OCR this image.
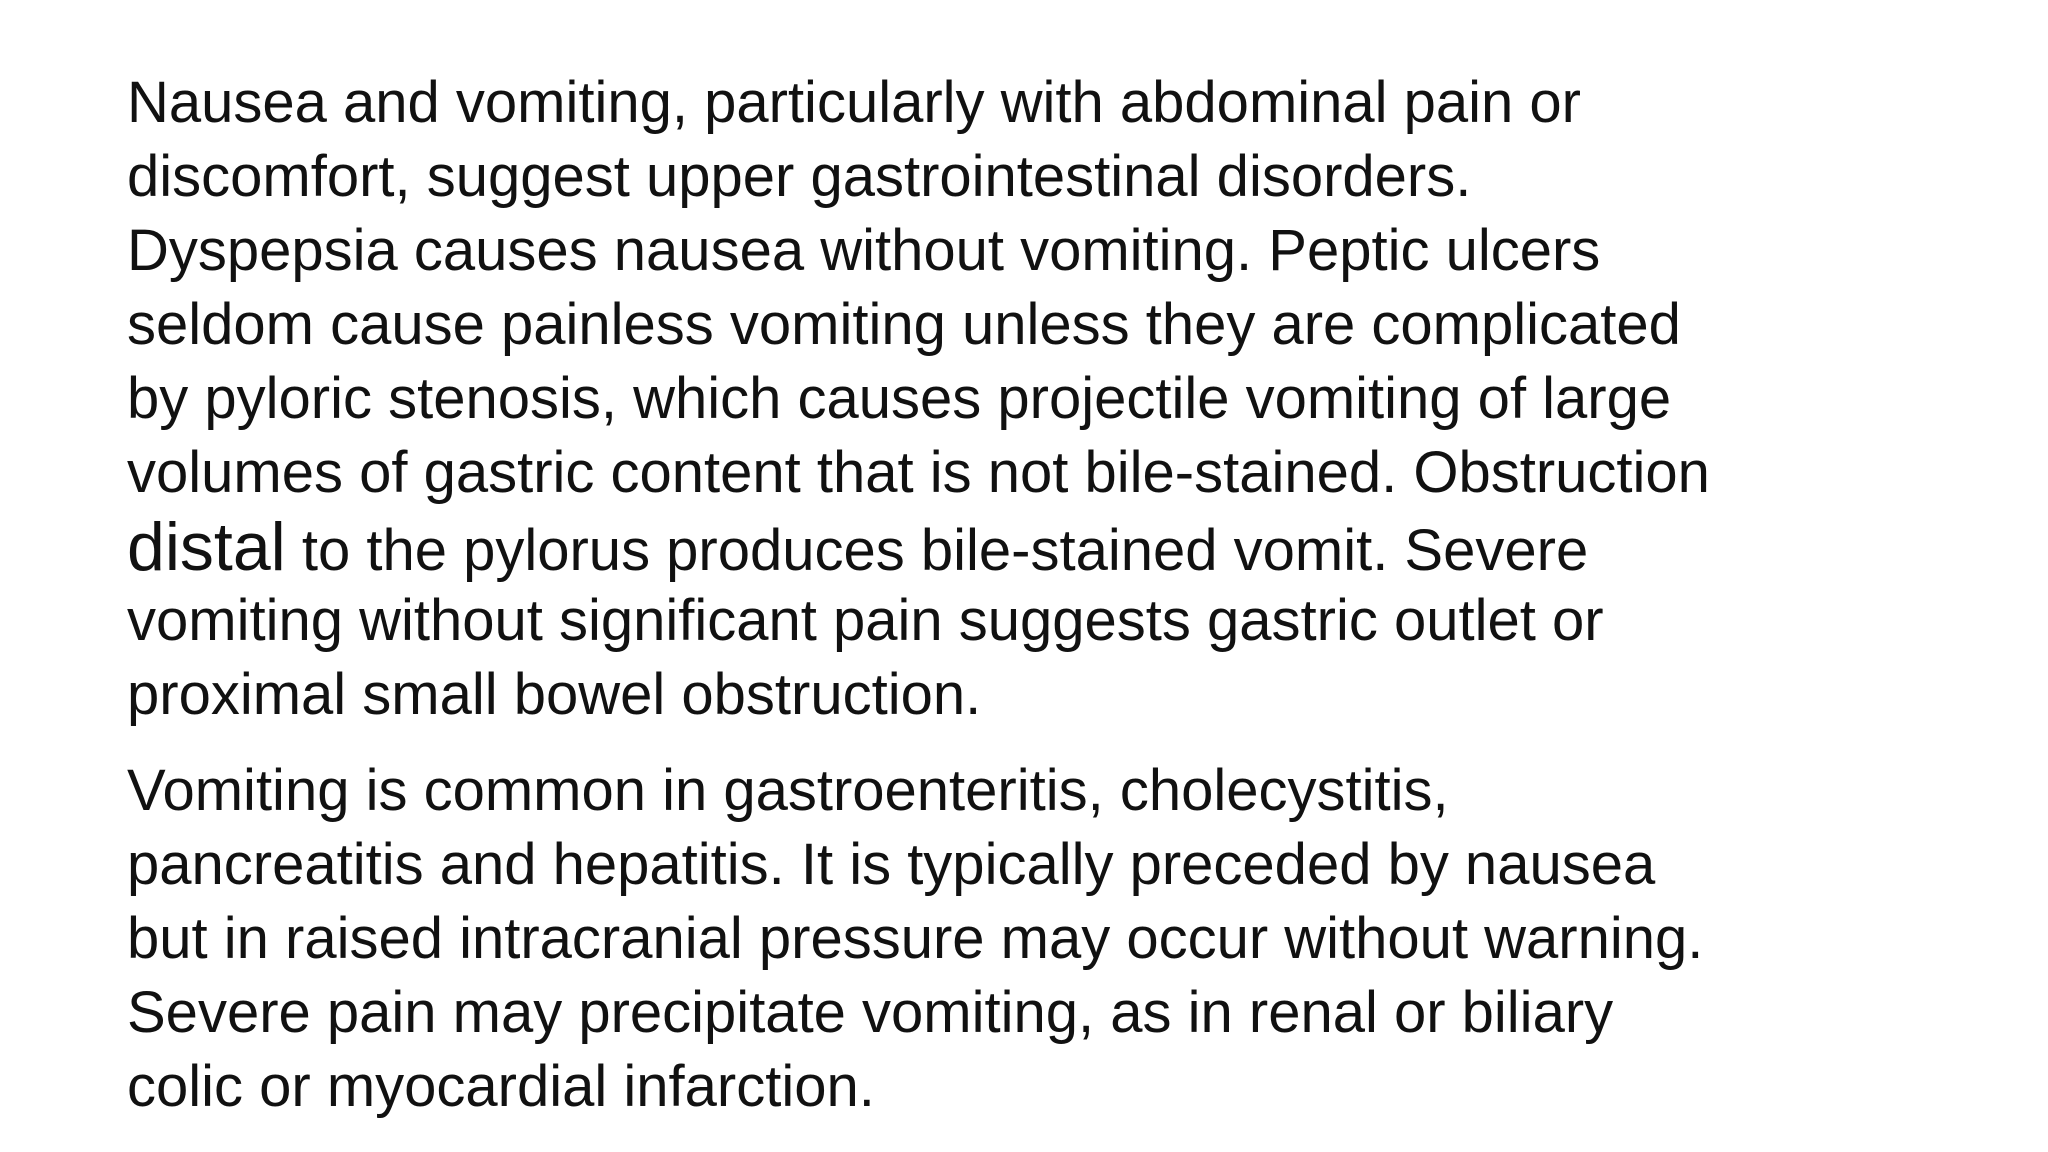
Nausea and vomiting, particularly with abdominal pain or
discomfort, suggest upper gastrointestinal disorders.
Dyspepsia causes nausea without vomiting. Peptic ulcers
seldom cause painless vomiting unless they are complicated
by pyloric stenosis, which causes projectile vomiting of large
volumes of gastric content that is not bile-stained. Obstruction
distal to the pylorus produces bile-stained vomit. Severe
vomiting without significant pain suggests gastric outlet or
proximal small bowel obstruction.
Vomiting is common in gastroenteritis, cholecystitis,
pancreatitis and hepatitis. It is typically preceded by nausea
but in raised intracranial pressure may occur without warning.
Severe pain may precipitate vomiting, as in renal or biliary
colic or myocardial infarction.
